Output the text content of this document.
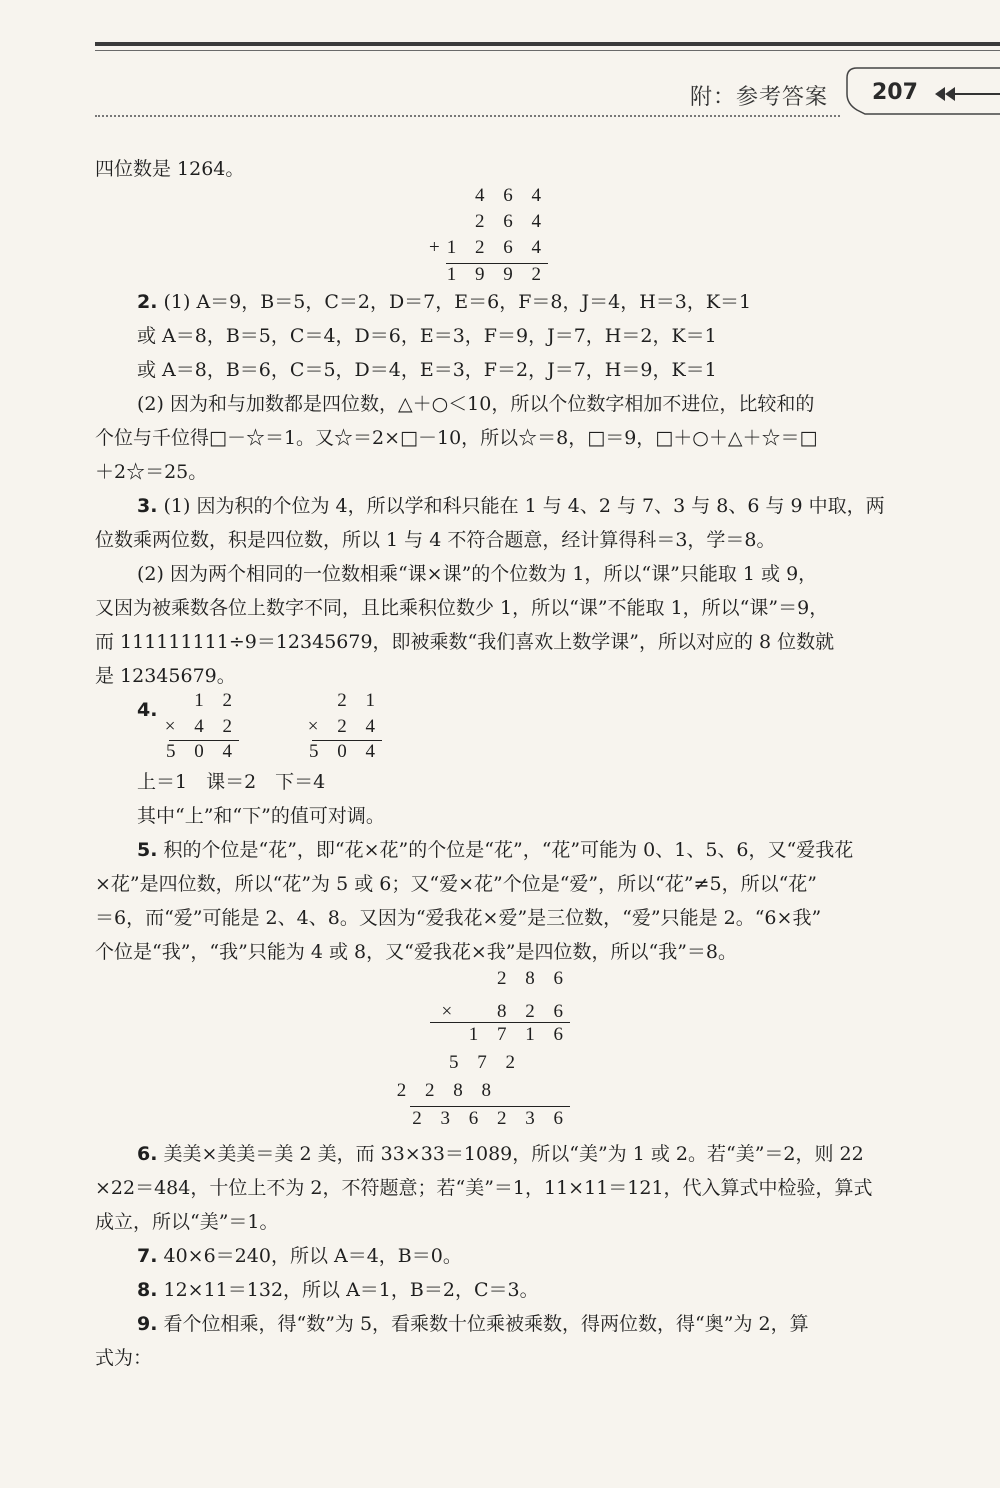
附：参考答案 207
四位数是 1264。
4 6 4
2 6 4
+1 2 6 4
1 9 9 2
2. (1) A＝9，B＝5，C＝2，D＝7，E＝6，F＝8，J＝4，H＝3，K＝1
或 A＝8，B＝5，C＝4，D＝6，E＝3，F＝9，J＝7，H＝2，K＝1
或 A＝8，B＝6，C＝5，D＝4，E＝3，F＝2，J＝7，H＝9，K＝1
(2) 因为和与加数都是四位数，△＋○＜10，所以个位数字相加不进位，比较和的
个位与千位得□－☆＝1。又☆＝2×□－10，所以☆＝8，□＝9，□＋○＋△＋☆＝□
＋2☆＝25。
3. (1) 因为积的个位为 4，所以学和科只能在 1 与 4、2 与 7、3 与 8、6 与 9 中取，两
位数乘两位数，积是四位数，所以 1 与 4 不符合题意，经计算得科＝3，学＝8。
(2) 因为两个相同的一位数相乘“课×课”的个位数为 1，所以“课”只能取 1 或 9，
又因为被乘数各位上数字不同，且比乘积位数少 1，所以“课”不能取 1，所以“课”＝9，
而 111111111÷9＝12345679，即被乘数“我们喜欢上数学课”，所以对应的 8 位数就
是 12345679。
4. 1 2
× 4 2
5 0 4
2 1
× 2 4
5 0 4
上＝1　课＝2　下＝4
其中“上”和“下”的值可对调。
5. 积的个位是“花”，即“花×花”的个位是“花”，“花”可能为 0、1、5、6，又“爱我花
×花”是四位数，所以“花”为 5 或 6；又“爱×花”个位是“爱”，所以“花”≠5，所以“花”
＝6，而“爱”可能是 2、4、8。又因为“爱我花×爱”是三位数，“爱”只能是 2。“6×我”
个位是“我”，“我”只能为 4 或 8，又“爱我花×我”是四位数，所以“我”＝8。
2 8 6
×　 8 2 6
1 7 1 6
5 7 2
2 2 8 8
2 3 6 2 3 6
6. 美美×美美＝美 2 美，而 33×33＝1089，所以“美”为 1 或 2。若“美”＝2，则 22
×22＝484，十位上不为 2，不符题意；若“美”＝1，11×11＝121，代入算式中检验，算式
成立，所以“美”＝1。
7. 40×6＝240，所以 A＝4，B＝0。
8. 12×11＝132，所以 A＝1，B＝2，C＝3。
9. 看个位相乘，得“数”为 5，看乘数十位乘被乘数，得两位数，得“奥”为 2，算
式为：
